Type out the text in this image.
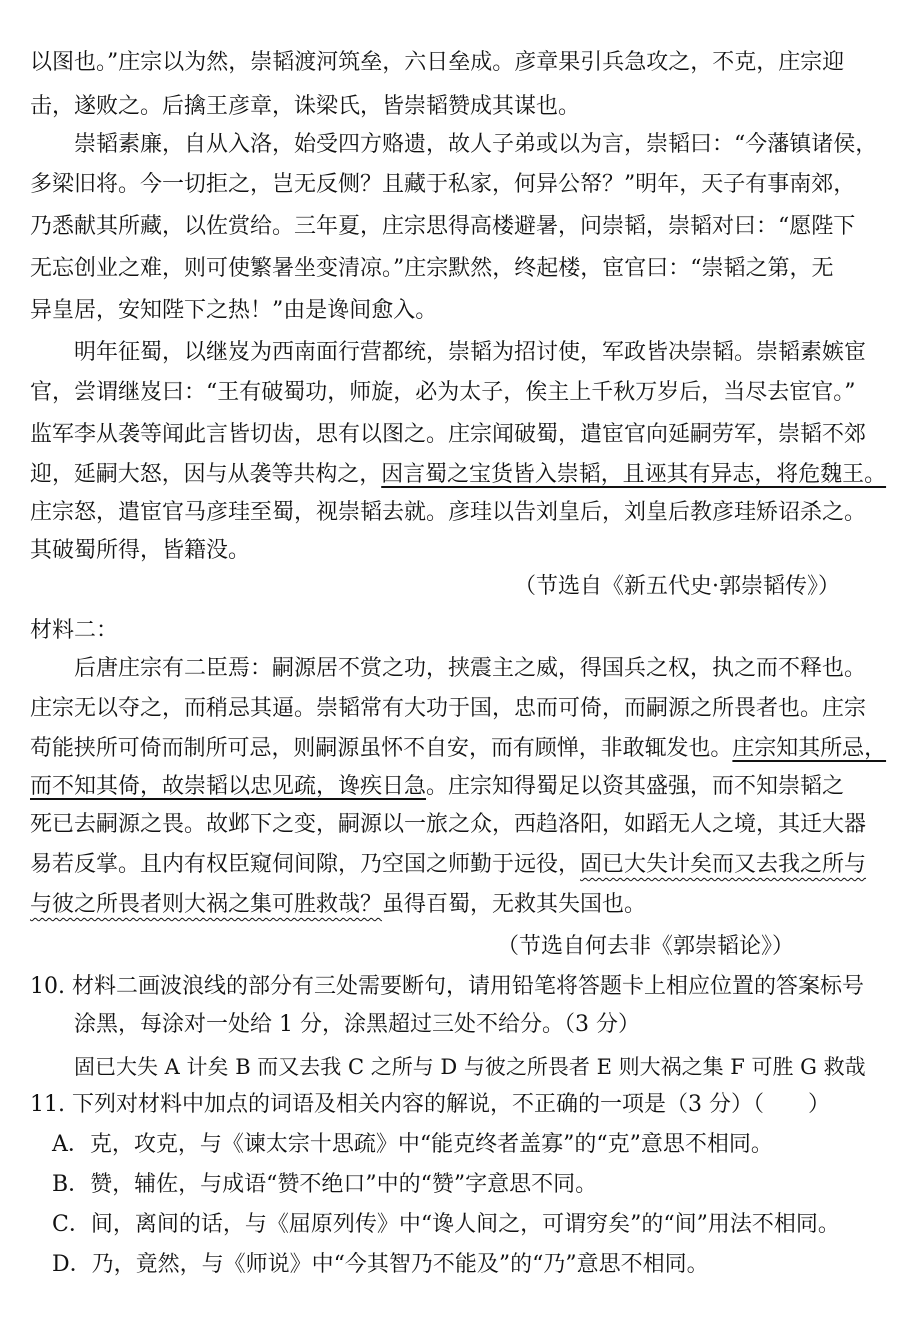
以图也。”庄宗以为然，崇韬渡河筑垒，六日垒成。彦章果引兵急攻之，不克，庄宗迎
击，遂败之。后擒王彦章，诛梁氏，皆崇韬赞成其谋也。
崇韬素廉，自从入洛，始受四方赂遗，故人子弟或以为言，崇韬曰：“今藩镇诸侯，
多梁旧将。今一切拒之，岂无反侧？且藏于私家，何异公帑？”明年，天子有事南郊，
乃悉献其所藏，以佐赏给。三年夏，庄宗思得高楼避暑，问崇韬，崇韬对曰：“愿陛下
无忘创业之难，则可使繁暑坐变清凉。”庄宗默然，终起楼，宦官曰：“崇韬之第，无
异皇居，安知陛下之热！”由是谗间愈入。
明年征蜀，以继岌为西南面行营都统，崇韬为招讨使，军政皆决崇韬。崇韬素嫉宦
官，尝谓继岌曰：“王有破蜀功，师旋，必为太子，俟主上千秋万岁后，当尽去宦官。”
监军李从袭等闻此言皆切齿，思有以图之。庄宗闻破蜀，遣宦官向延嗣劳军，崇韬不郊
迎，延嗣大怒，因与从袭等共构之，因言蜀之宝货皆入崇韬，且诬其有异志，将危魏王。
庄宗怒，遣宦官马彦珪至蜀，视崇韬去就。彦珪以告刘皇后，刘皇后教彦珪矫诏杀之。
其破蜀所得，皆籍没。
（节选自《新五代史·郭崇韬传》）
材料二：
后唐庄宗有二臣焉：嗣源居不赏之功，挟震主之威，得国兵之权，执之而不释也。
庄宗无以夺之，而稍忌其逼。崇韬常有大功于国，忠而可倚，而嗣源之所畏者也。庄宗
苟能挟所可倚而制所可忌，则嗣源虽怀不自安，而有顾惮，非敢辄发也。庄宗知其所忌，
而不知其倚，故崇韬以忠见疏，谗疾日急。庄宗知得蜀足以资其盛强，而不知崇韬之
死已去嗣源之畏。故邺下之变，嗣源以一旅之众，西趋洛阳，如蹈无人之境，其迁大器
易若反掌。且内有权臣窥伺间隙，乃空国之师勤于远役，固已大失计矣而又去我之所与
与彼之所畏者则大祸之集可胜救哉？虽得百蜀，无救其失国也。
（节选自何去非《郭崇韬论》）
10. 材料二画波浪线的部分有三处需要断句，请用铅笔将答题卡上相应位置的答案标号
涂黑，每涂对一处给 1 分，涂黑超过三处不给分。（3 分）
固已大失 A 计矣 B 而又去我 C 之所与 D 与彼之所畏者 E 则大祸之集 F 可胜 G 救哉
11. 下列对材料中加点的词语及相关内容的解说，不正确的一项是（3 分）（　　）
A．克，攻克，与《谏太宗十思疏》中“能克终者盖寡”的“克”意思不相同。
B．赞，辅佐，与成语“赞不绝口”中的“赞”字意思不同。
C．间，离间的话，与《屈原列传》中“谗人间之，可谓穷矣”的“间”用法不相同。
D．乃，竟然，与《师说》中“今其智乃不能及”的“乃”意思不相同。
